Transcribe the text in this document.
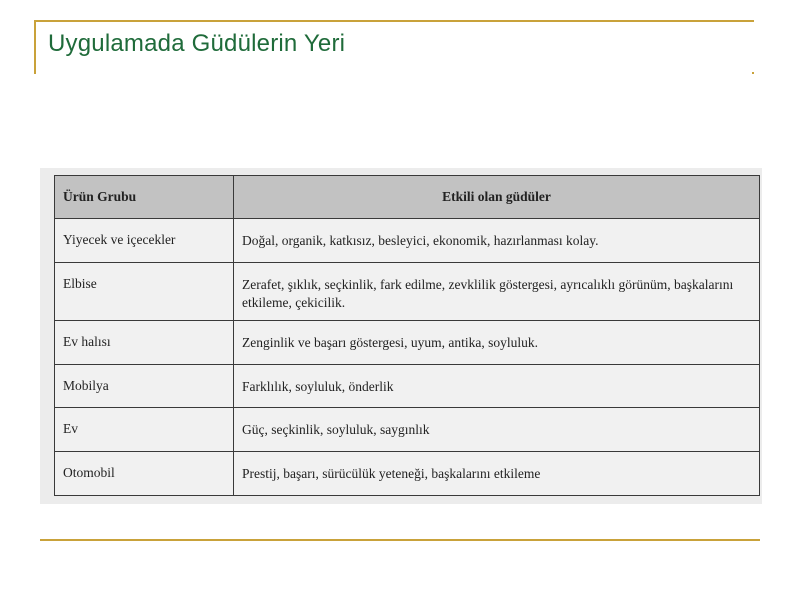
Uygulamada Güdülerin Yeri
Ürün Grubu	Etkili olan güdüler
Yiyecek ve içecekler	Doğal, organik, katkısız, besleyici, ekonomik, hazırlanması kolay.
Elbise	Zerafet, şıklık, seçkinlik, fark edilme, zevklilik göstergesi, ayrıcalıklı görünüm, başkalarını etkileme, çekicilik.
Ev halısı	Zenginlik ve başarı göstergesi, uyum, antika, soyluluk.
Mobilya	Farklılık, soyluluk, önderlik
Ev	Güç, seçkinlik, soyluluk, saygınlık
Otomobil	Prestij, başarı, sürücülük yeteneği, başkalarını etkileme
